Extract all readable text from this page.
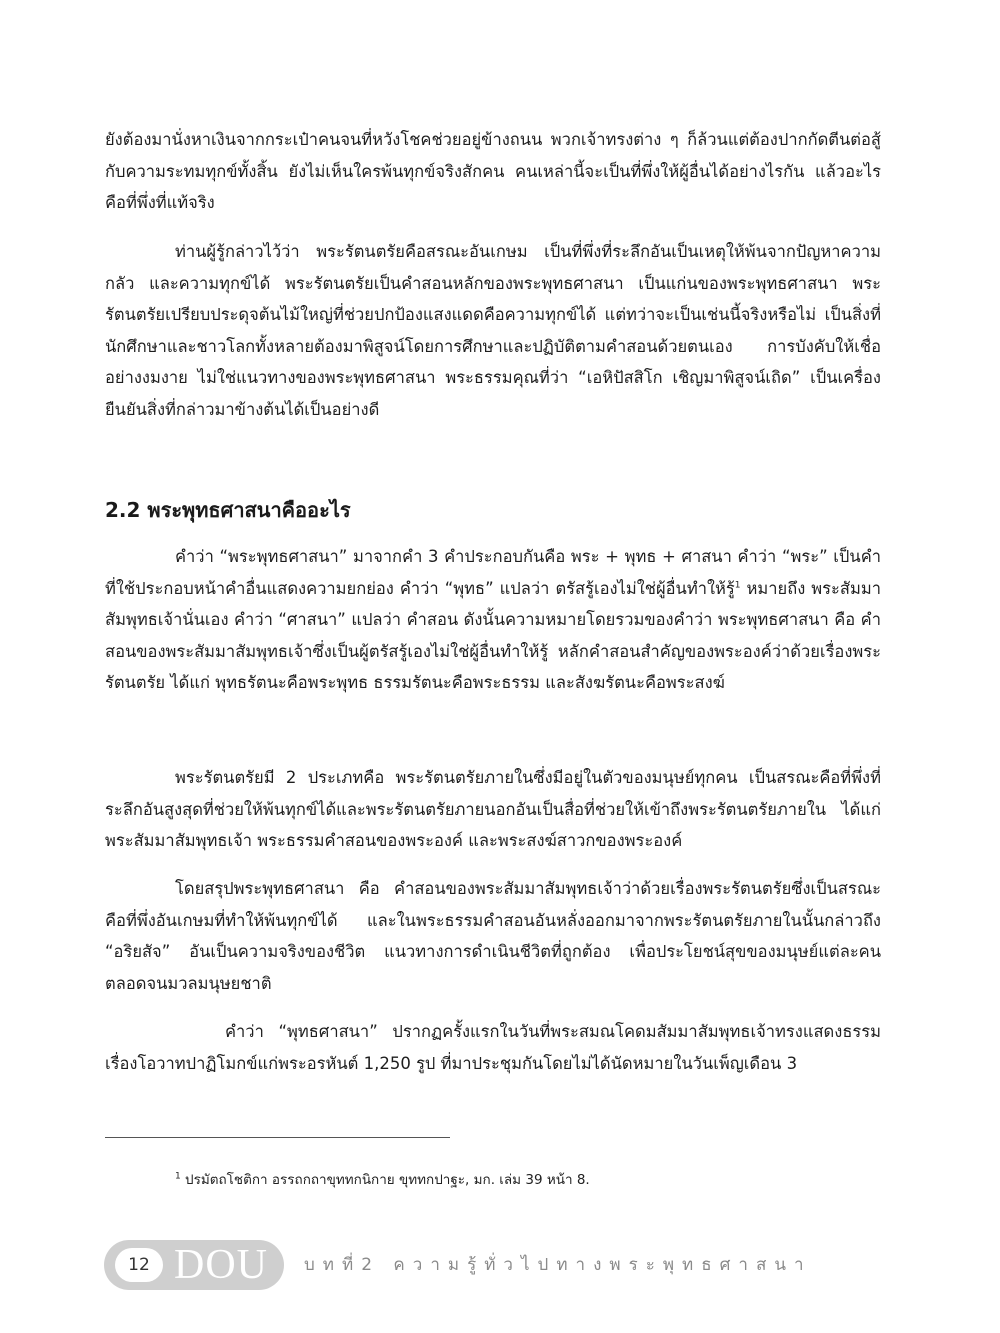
ยังต้องมานั่งหาเงินจากกระเป๋าคนจนที่หวังโชคช่วยอยู่ข้างถนน พวกเจ้าทรงต่าง ๆ ก็ล้วนแต่ต้องปากกัดตีนต่อสู้กับความระทมทุกข์ทั้งสิ้น ยังไม่เห็นใครพ้นทุกข์จริงสักคน คนเหล่านี้จะเป็นที่พึ่งให้ผู้อื่นได้อย่างไรกัน แล้วอะไรคือที่พึ่งที่แท้จริง

ท่านผู้รู้กล่าวไว้ว่า พระรัตนตรัยคือสรณะอันเกษม เป็นที่พึ่งที่ระลึกอันเป็นเหตุให้พ้นจากปัญหาความกลัว และความทุกข์ได้ พระรัตนตรัยเป็นคำสอนหลักของพระพุทธศาสนา เป็นแก่นของพระพุทธศาสนา พระรัตนตรัยเปรียบประดุจต้นไม้ใหญ่ที่ช่วยปกป้องแสงแดดคือความทุกข์ได้ แต่ทว่าจะเป็นเช่นนี้จริงหรือไม่ เป็นสิ่งที่นักศึกษาและชาวโลกทั้งหลายต้องมาพิสูจน์โดยการศึกษาและปฏิบัติตามคำสอนด้วยตนเอง การบังคับให้เชื่ออย่างงมงาย ไม่ใช่แนวทางของพระพุทธศาสนา พระธรรมคุณที่ว่า “เอหิปัสสิโก เชิญมาพิสูจน์เถิด” เป็นเครื่องยืนยันสิ่งที่กล่าวมาข้างต้นได้เป็นอย่างดี

2.2 พระพุทธศาสนาคืออะไร

คำว่า “พระพุทธศาสนา” มาจากคำ 3 คำประกอบกันคือ พระ + พุทธ + ศาสนา คำว่า “พระ” เป็นคำที่ใช้ประกอบหน้าคำอื่นแสดงความยกย่อง คำว่า “พุทธ” แปลว่า ตรัสรู้เองไม่ใช่ผู้อื่นทำให้รู้$^1$ หมายถึง พระสัมมาสัมพุทธเจ้านั่นเอง คำว่า “ศาสนา” แปลว่า คำสอน ดังนั้นความหมายโดยรวมของคำว่า พระพุทธศาสนา คือ คำสอนของพระสัมมาสัมพุทธเจ้าซึ่งเป็นผู้ตรัสรู้เองไม่ใช่ผู้อื่นทำให้รู้ หลักคำสอนสำคัญของพระองค์ว่าด้วยเรื่องพระรัตนตรัย ได้แก่ พุทธรัตนะคือพระพุทธ ธรรมรัตนะคือพระธรรม และสังฆรัตนะคือพระสงฆ์

พระรัตนตรัยมี 2 ประเภทคือ พระรัตนตรัยภายในซึ่งมีอยู่ในตัวของมนุษย์ทุกคน เป็นสรณะคือที่พึ่งที่ระลึกอันสูงสุดที่ช่วยให้พ้นทุกข์ได้และพระรัตนตรัยภายนอกอันเป็นสื่อที่ช่วยให้เข้าถึงพระรัตนตรัยภายใน ได้แก่ พระสัมมาสัมพุทธเจ้า พระธรรมคำสอนของพระองค์ และพระสงฆ์สาวกของพระองค์

โดยสรุปพระพุทธศาสนา คือ คำสอนของพระสัมมาสัมพุทธเจ้าว่าด้วยเรื่องพระรัตนตรัยซึ่งเป็นสรณะคือที่พึ่งอันเกษมที่ทำให้พ้นทุกข์ได้ และในพระธรรมคำสอนอันหลั่งออกมาจากพระรัตนตรัยภายในนั้นกล่าวถึง “อริยสัจ” อันเป็นความจริงของชีวิต แนวทางการดำเนินชีวิตที่ถูกต้อง เพื่อประโยชน์สุขของมนุษย์แต่ละคนตลอดจนมวลมนุษยชาติ

คำว่า “พุทธศาสนา” ปรากฏครั้งแรกในวันที่พระสมณโคดมสัมมาสัมพุทธเจ้าทรงแสดงธรรมเรื่องโอวาทปาฏิโมกข์แก่พระอรหันต์ 1,250 รูป ที่มาประชุมกันโดยไม่ได้นัดหมายในวันเพ็ญเดือน 3

$^1$ ปรมัตถโชติกา อรรถกถาขุททกนิกาย ขุททกปาฐะ, มก. เล่ม 39 หน้า 8.

12 DOU บทที่2 ความรู้ทั่วไปทางพระพุทธศาสนา
